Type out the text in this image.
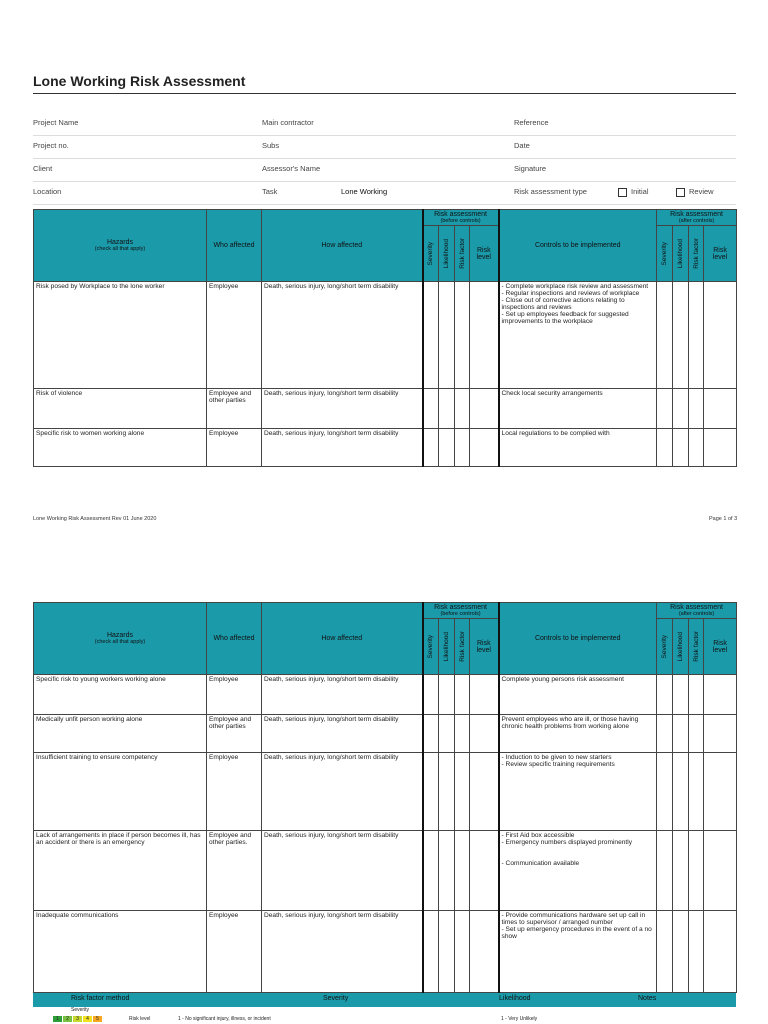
Lone Working Risk Assessment
Project Name	Main contractor	Reference
Project no.	Subs	Date
Client	Assessor's Name	Signature
Location	Task	Lone Working	Risk assessment type	Initial	Review
Hazards
(check all that apply)	Who affected	How affected	Risk assessment
(before controls)				Controls to be implemented	Risk assessment
(after controls)			

			Severity	Likelihood	Risk factor	Risk level		Severity	Likelihood	Risk factor	Risk level
Risk posed by Workplace to the lone worker	Employee	Death, serious injury, long/short term disability					- Complete workplace risk review and assessment
- Regular inspections and reviews of workplace
- Close out of corrective actions relating to inspections and reviews
- Set up employees feedback for suggested improvements to the workplace				
Risk of violence	Employee and other parties	Death, serious injury, long/short term disability					Check local security arrangements				
Specific risk to women working alone	Employee	Death, serious injury, long/short term disability					Local regulations to be complied with				
Lone Working Risk Assessment Rev 01 June 2020	Page 1 of 3
Hazards
(check all that apply)	Who affected	How affected	Risk assessment
(before controls)				Controls to be implemented	Risk assessment
(after controls)			

			Severity	Likelihood	Risk factor	Risk level		Severity	Likelihood	Risk factor	Risk level
Specific risk to young workers working alone	Employee	Death, serious injury, long/short term disability					Complete young persons risk assessment				
Medically unfit person working alone	Employee and other parties	Death, serious injury, long/short term disability					Prevent employees who are ill, or those having chronic health problems from working alone				
Insufficient training to ensure competency	Employee	Death, serious injury, long/short term disability					- Induction to be given to new starters
- Review specific training requirements				
Lack of arrangements in place if person becomes ill, has an accident or there is an emergency	Employee and other parties.	Death, serious injury, long/short term disability					- First Aid box accessible
- Emergency numbers displayed prominently

- Communication available				
Inadequate communications	Employee	Death, serious injury, long/short term disability					- Provide communications hardware set up call in times to supervisor / arranged number
- Set up emergency procedures in the event of a no show				
Risk factor method	Severity	Likelihood	Notes
Severity
1 2 3 4 5	Risk level	1 - No significant injury, illness, or incident	1 - Very Unlikely
